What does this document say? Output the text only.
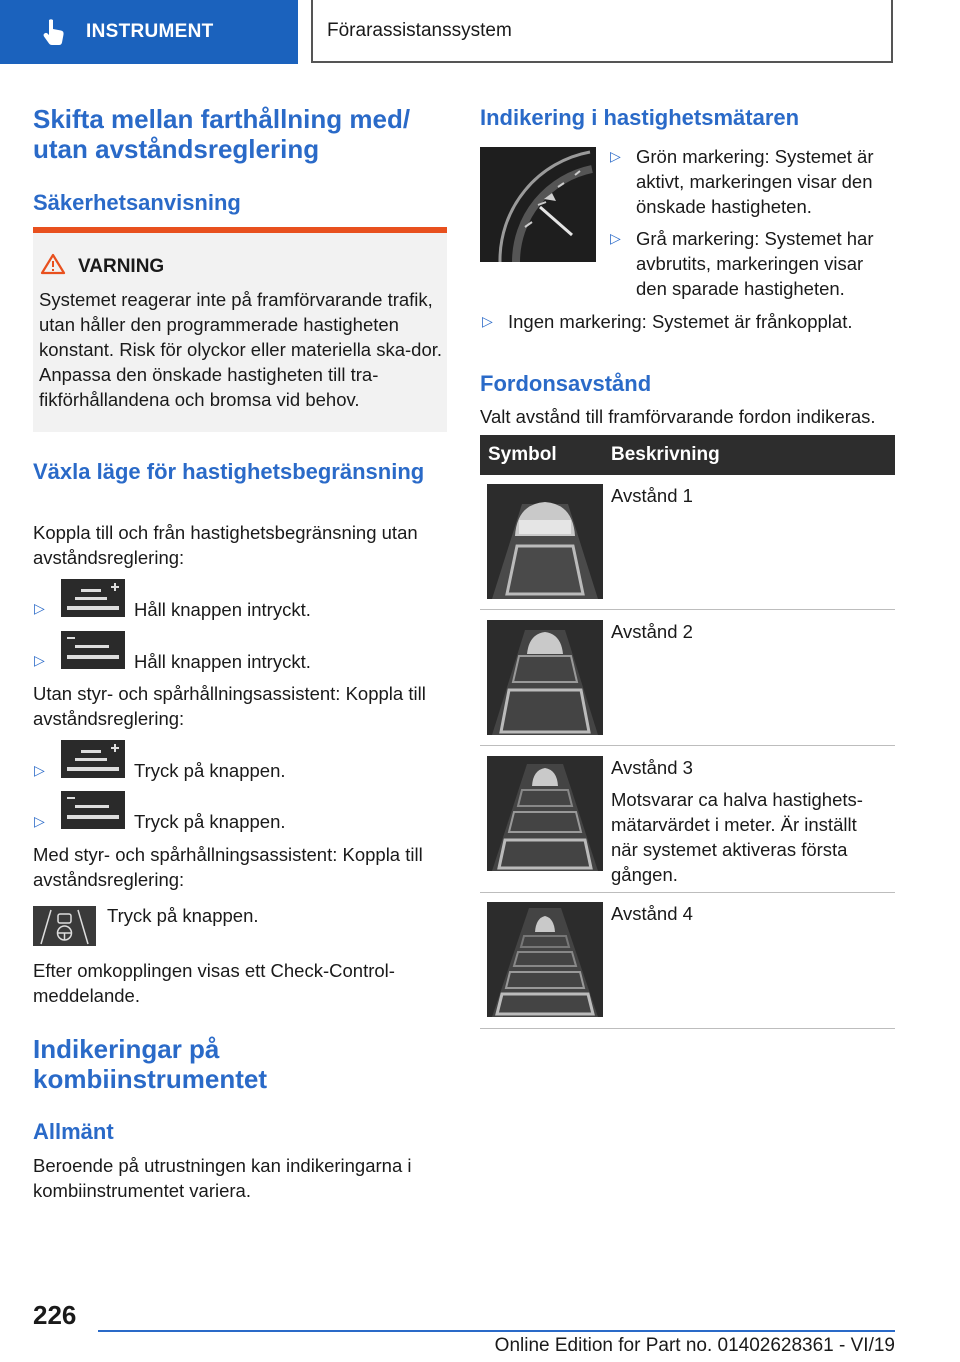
INSTRUMENT	Förarassistanssystem
Skifta mellan farthållning med/ utan avståndsreglering
Säkerhetsanvisning
VARNING
Systemet reagerar inte på framförvarande trafik, utan håller den programmerade hastigheten konstant. Risk för olyckor eller materiella ska-dor. Anpassa den önskade hastigheten till tra-fikförhållandena och bromsa vid behov.
Växla läge för hastighetsbegränsning
Koppla till och från hastighetsbegränsning utan avståndsreglering:
▷	Håll knappen intryckt.
▷	Håll knappen intryckt.
Utan styr- och spårhållningsassistent: Koppla till avståndsreglering:
▷	Tryck på knappen.
▷	Tryck på knappen.
Med styr- och spårhållningsassistent: Koppla till avståndsreglering:
Tryck på knappen.
Efter omkopplingen visas ett Check-Control-meddelande.
Indikeringar på kombiinstrumentet
Allmänt
Beroende på utrustningen kan indikeringarna i kombiinstrumentet variera.
Indikering i hastighetsmätaren
▷ Grön markering: Systemet är aktivt, markeringen visar den önskade hastigheten.
▷ Grå markering: Systemet har avbrutits, markeringen visar den sparade hastigheten.
▷ Ingen markering: Systemet är frånkopplat.
Fordonsavstånd
Valt avstånd till framförvarande fordon indikeras.
Symbol	Beskrivning
Avstånd 1
Avstånd 2
Avstånd 3
Motsvarar ca halva hastighets-mätarvärdet i meter. Är inställt när systemet aktiveras första gången.
Avstånd 4
226
Online Edition for Part no. 01402628361 - VI/19
